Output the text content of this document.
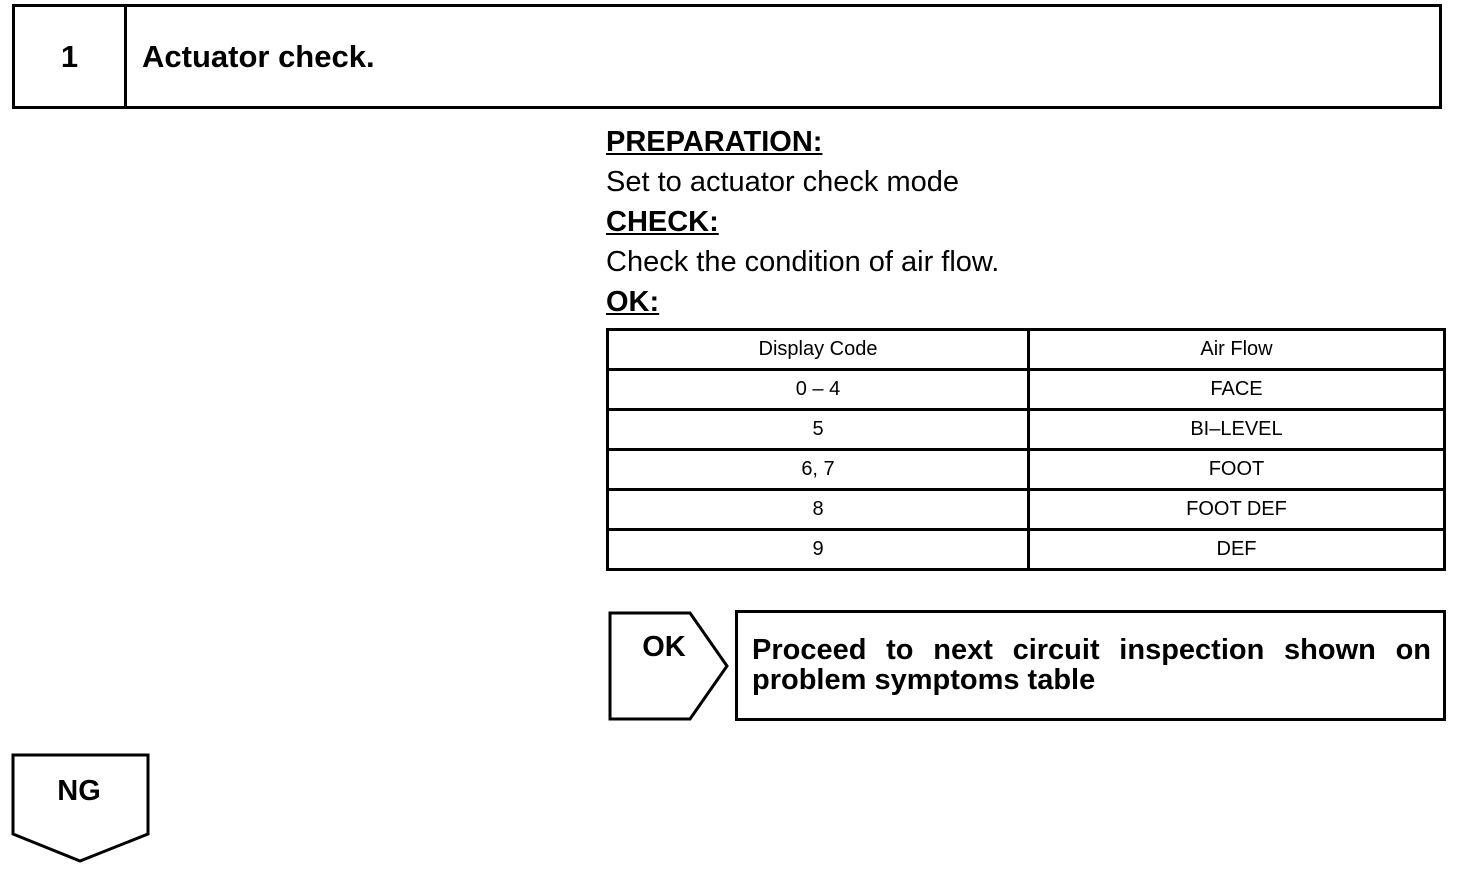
1	Actuator check.
PREPARATION:
Set to actuator check mode
CHECK:
Check the condition of air flow.
OK:
Display Code	Air Flow
0 – 4	FACE
5	BI–LEVEL
6, 7	FOOT
8	FOOT DEF
9	DEF
OK	Proceed to next circuit inspection shown on problem symptoms table
NG
